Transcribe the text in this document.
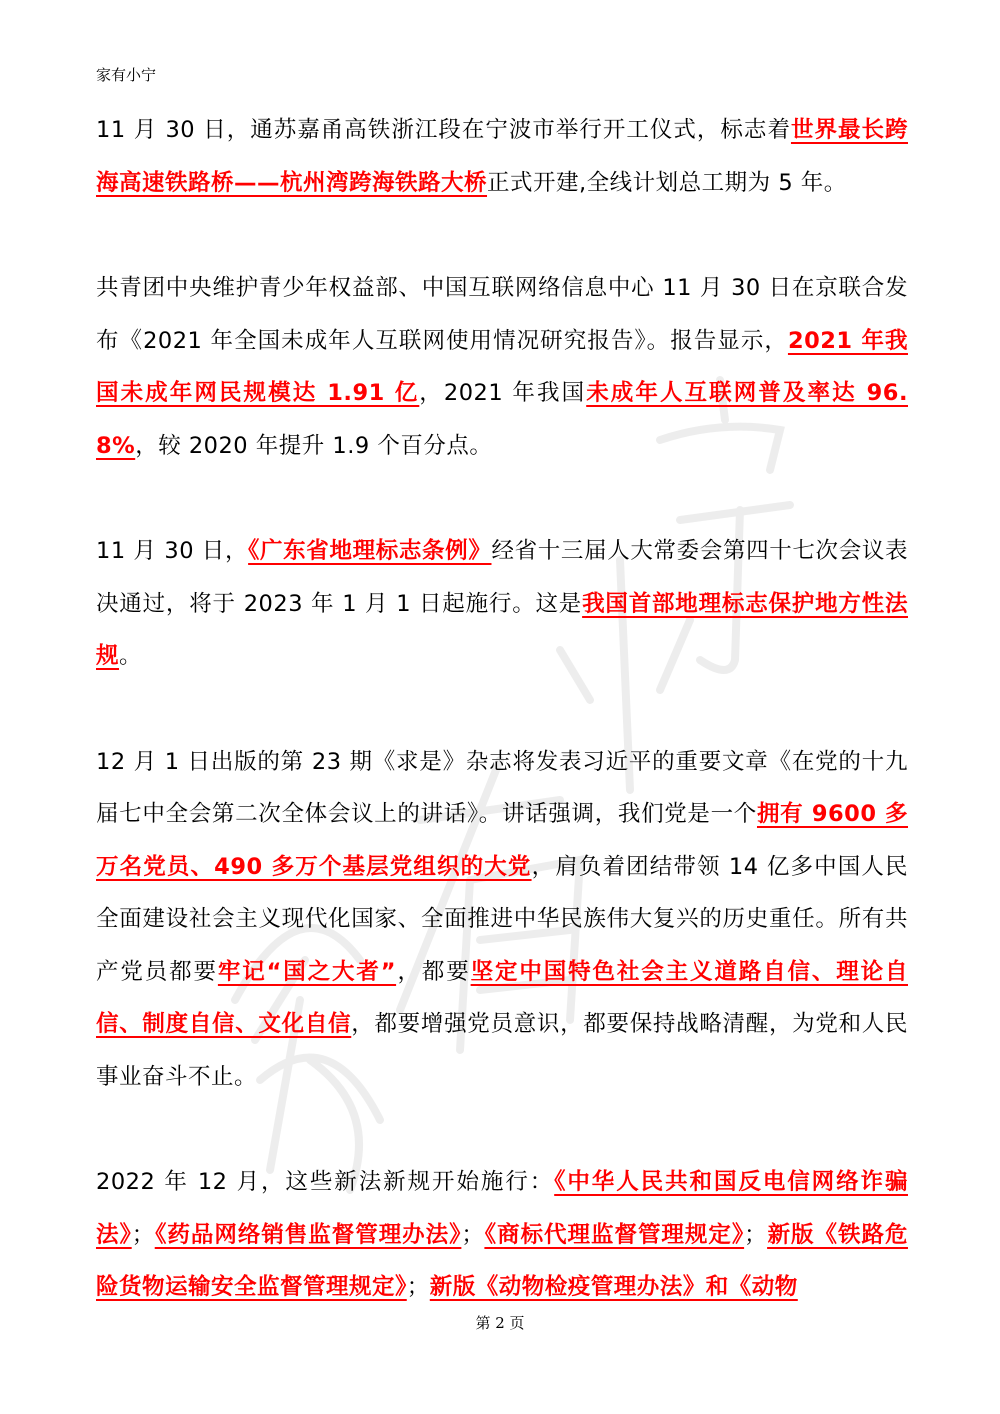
家有小宁

11 月 30 日，通苏嘉甬高铁浙江段在宁波市举行开工仪式，标志着世界最长跨海高速铁路桥——杭州湾跨海铁路大桥正式开建,全线计划总工期为 5 年。

共青团中央维护青少年权益部、中国互联网络信息中心 11 月 30 日在京联合发布《2021 年全国未成年人互联网使用情况研究报告》。报告显示，2021 年我国未成年网民规模达 1.91 亿，2021 年我国未成年人互联网普及率达 96.8%，较 2020 年提升 1.9 个百分点。

11 月 30 日，《广东省地理标志条例》经省十三届人大常委会第四十七次会议表决通过，将于 2023 年 1 月 1 日起施行。这是我国首部地理标志保护地方性法规。

12 月 1 日出版的第 23 期《求是》杂志将发表习近平的重要文章《在党的十九届七中全会第二次全体会议上的讲话》。讲话强调，我们党是一个拥有 9600 多万名党员、490 多万个基层党组织的大党，肩负着团结带领 14 亿多中国人民全面建设社会主义现代化国家、全面推进中华民族伟大复兴的历史重任。所有共产党员都要牢记“国之大者”，都要坚定中国特色社会主义道路自信、理论自信、制度自信、文化自信，都要增强党员意识，都要保持战略清醒，为党和人民事业奋斗不止。

2022 年 12 月，这些新法新规开始施行：《中华人民共和国反电信网络诈骗法》；《药品网络销售监督管理办法》；《商标代理监督管理规定》；新版《铁路危险货物运输安全监督管理规定》；新版《动物检疫管理办法》和《动物

第 2 页
